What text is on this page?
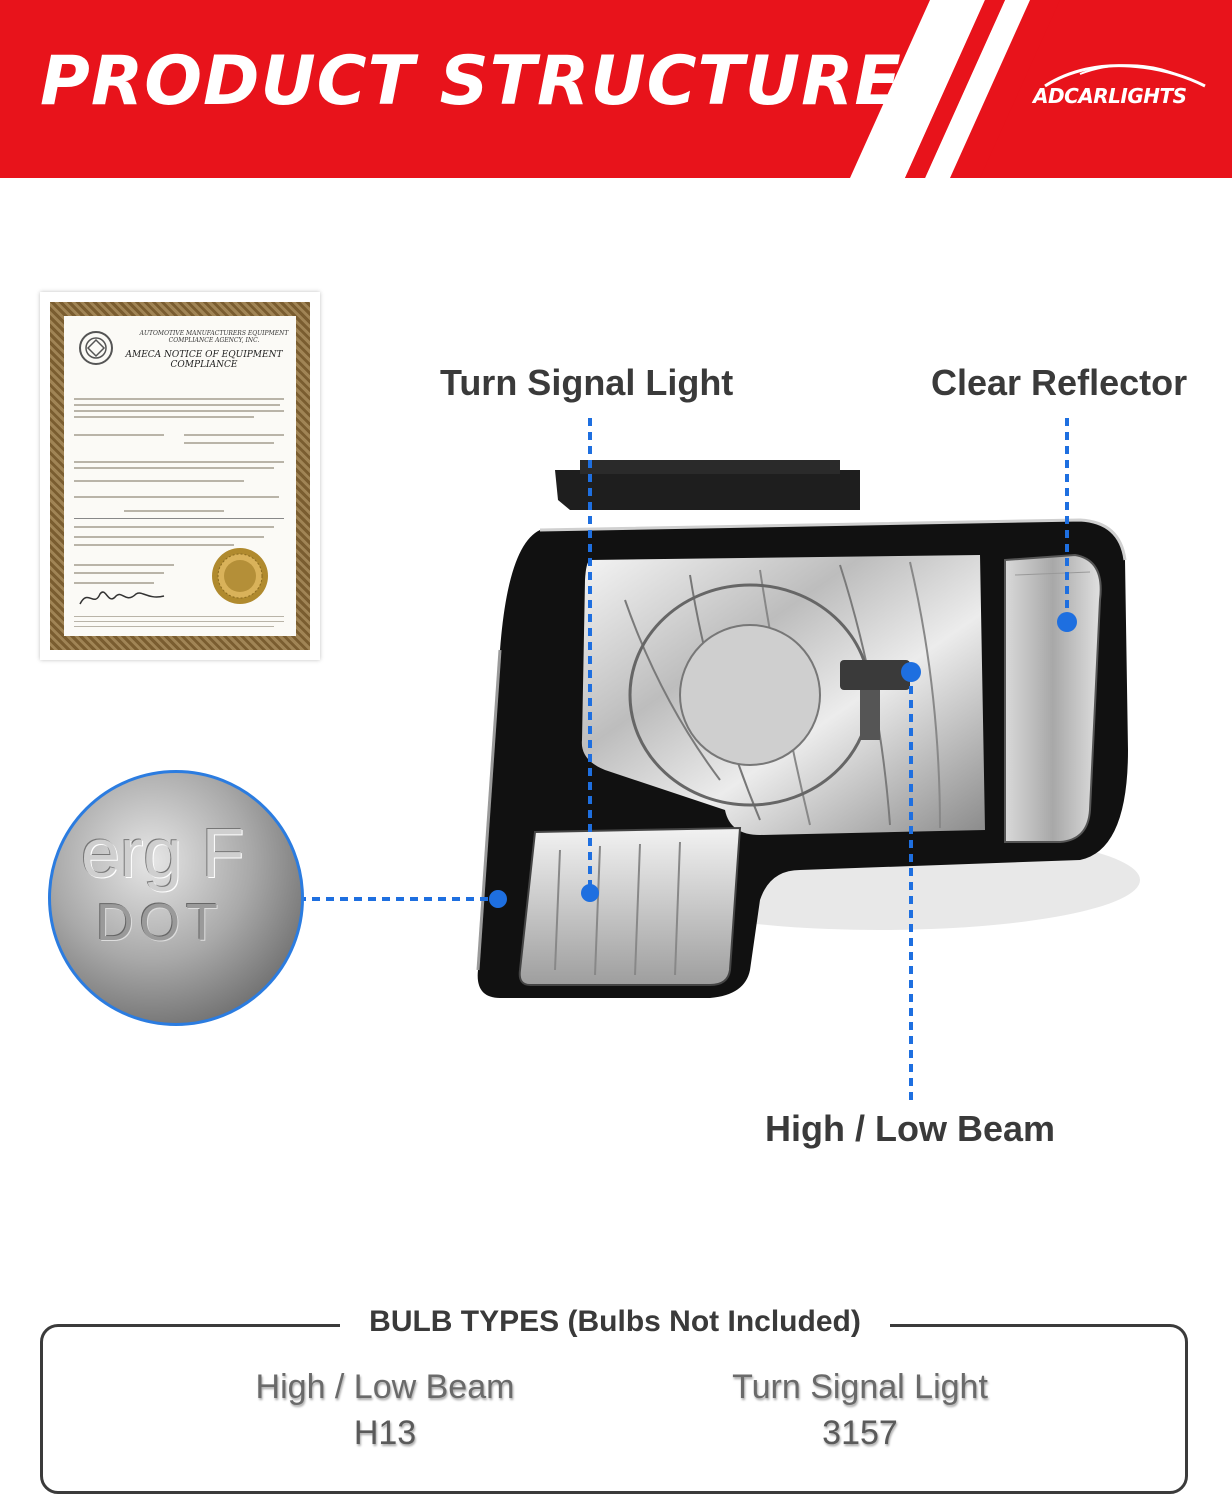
PRODUCT STRUCTURE	ADCARLIGHTS
AUTOMOTIVE MANUFACTURERS EQUIPMENT COMPLIANCE AGENCY, INC.
AMECA NOTICE OF EQUIPMENT COMPLIANCE	Turn Signal Light	Clear Reflector
High / Low Beam
erg F
DOT
BULB TYPES (Bulbs Not Included)
High / Low Beam
H13
Turn Signal Light
3157
